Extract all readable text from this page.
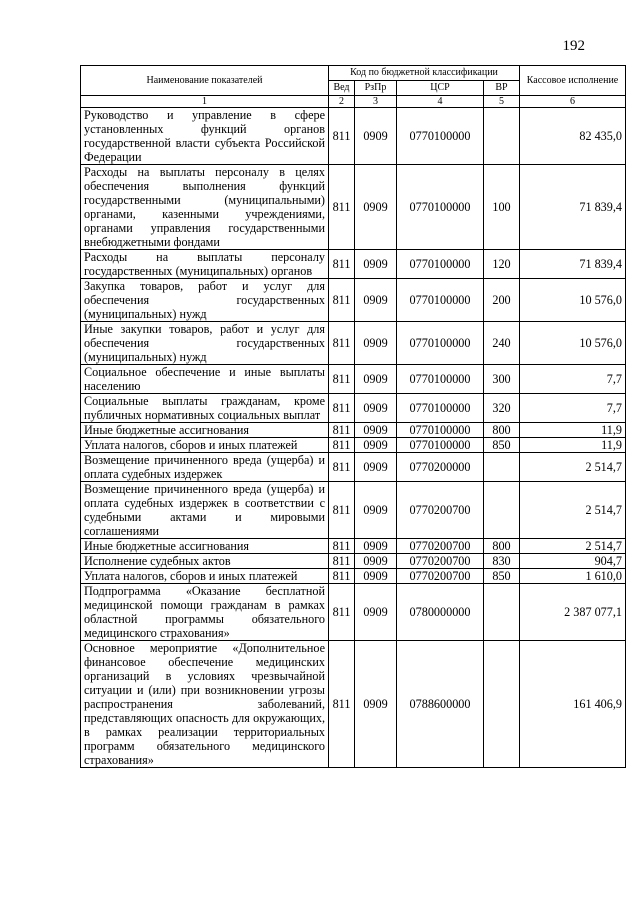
192
Наименование показателей	Код по бюджетной классификации				Кассовое исполнение
	Вед	РзПр	ЦСР	ВР	
1	2	3	4	5	6
Руководство и управление в сфере установленных функций органов государственной власти субъекта Российской Федерации	811	0909	0770100000		82 435,0
Расходы на выплаты персоналу в целях обеспечения выполнения функций государственными (муниципальными) органами, казенными учреждениями, органами управления государственными внебюджетными фондами	811	0909	0770100000	100	71 839,4
Расходы на выплаты персоналу государственных (муниципальных) органов	811	0909	0770100000	120	71 839,4
Закупка товаров, работ и услуг для обеспечения государственных (муниципальных) нужд	811	0909	0770100000	200	10 576,0
Иные закупки товаров, работ и услуг для обеспечения государственных (муниципальных) нужд	811	0909	0770100000	240	10 576,0
Социальное обеспечение и иные выплаты населению	811	0909	0770100000	300	7,7
Социальные выплаты гражданам, кроме публичных нормативных социальных выплат	811	0909	0770100000	320	7,7
Иные бюджетные ассигнования	811	0909	0770100000	800	11,9
Уплата налогов, сборов и иных платежей	811	0909	0770100000	850	11,9
Возмещение причиненного вреда (ущерба) и оплата судебных издержек	811	0909	0770200000		2 514,7
Возмещение причиненного вреда (ущерба) и оплата судебных издержек в соответствии с судебными актами и мировыми соглашениями	811	0909	0770200700		2 514,7
Иные бюджетные ассигнования	811	0909	0770200700	800	2 514,7
Исполнение судебных актов	811	0909	0770200700	830	904,7
Уплата налогов, сборов и иных платежей	811	0909	0770200700	850	1 610,0
Подпрограмма «Оказание бесплатной медицинской помощи гражданам в рамках областной программы обязательного медицинского страхования»	811	0909	0780000000		2 387 077,1
Основное мероприятие «Дополнительное финансовое обеспечение медицинских организаций в условиях чрезвычайной ситуации и (или) при возникновении угрозы распространения заболеваний, представляющих опасность для окружающих, в рамках реализации территориальных программ обязательного медицинского страхования»	811	0909	0788600000		161 406,9
